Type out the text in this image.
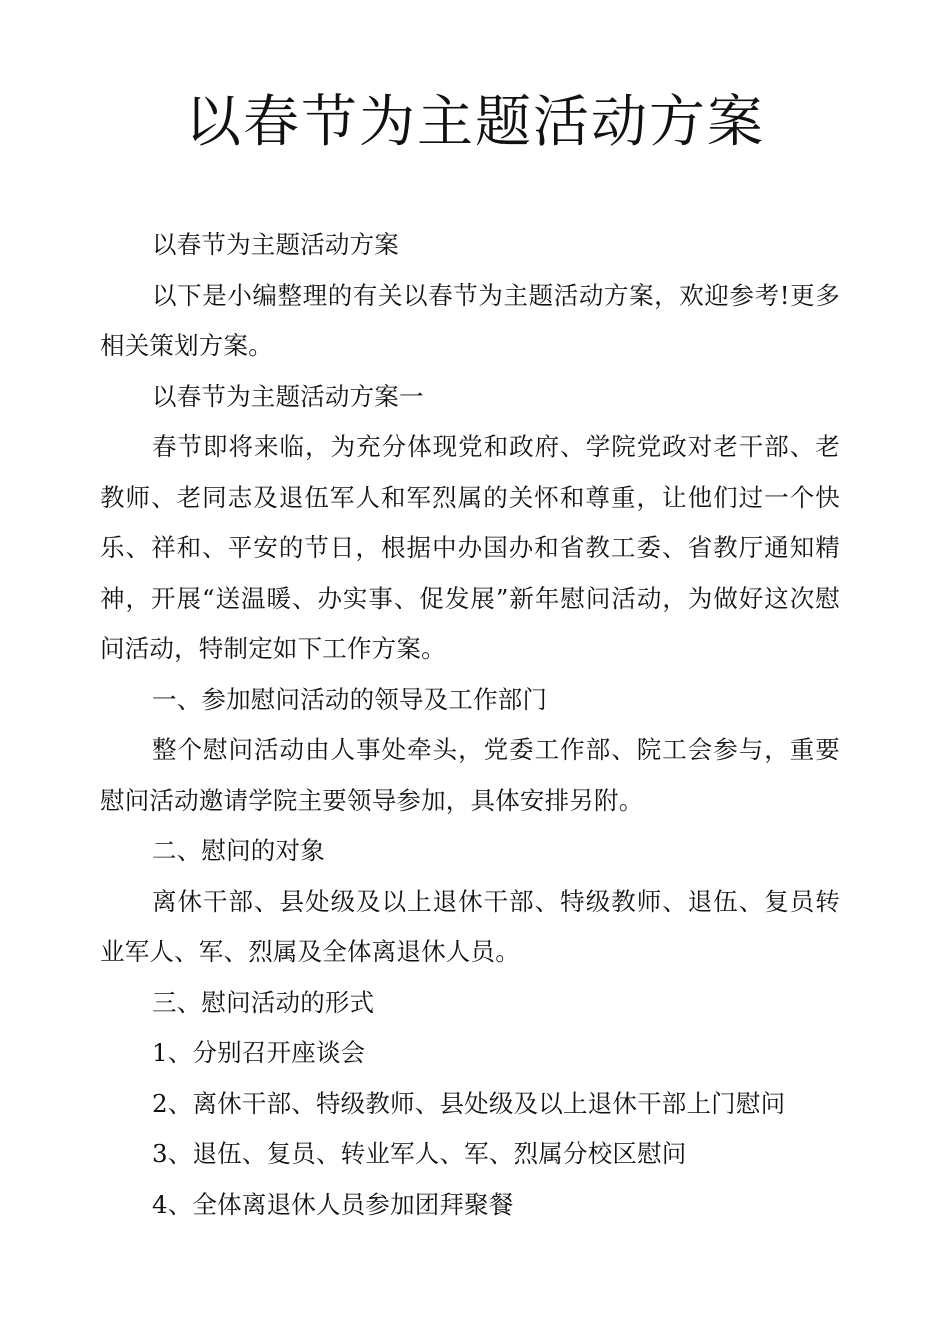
以春节为主题活动方案

以春节为主题活动方案

以下是小编整理的有关以春节为主题活动方案，欢迎参考!更多相关策划方案。

以春节为主题活动方案一

春节即将来临，为充分体现党和政府、学院党政对老干部、老教师、老同志及退伍军人和军烈属的关怀和尊重，让他们过一个快乐、祥和、平安的节日，根据中办国办和省教工委、省教厅通知精神，开展“送温暖、办实事、促发展”新年慰问活动，为做好这次慰问活动，特制定如下工作方案。

一、参加慰问活动的领导及工作部门

整个慰问活动由人事处牵头，党委工作部、院工会参与，重要慰问活动邀请学院主要领导参加，具体安排另附。

二、慰问的对象

离休干部、县处级及以上退休干部、特级教师、退伍、复员转业军人、军、烈属及全体离退休人员。

三、慰问活动的形式

1、分别召开座谈会

2、离休干部、特级教师、县处级及以上退休干部上门慰问

3、退伍、复员、转业军人、军、烈属分校区慰问

4、全体离退休人员参加团拜聚餐
